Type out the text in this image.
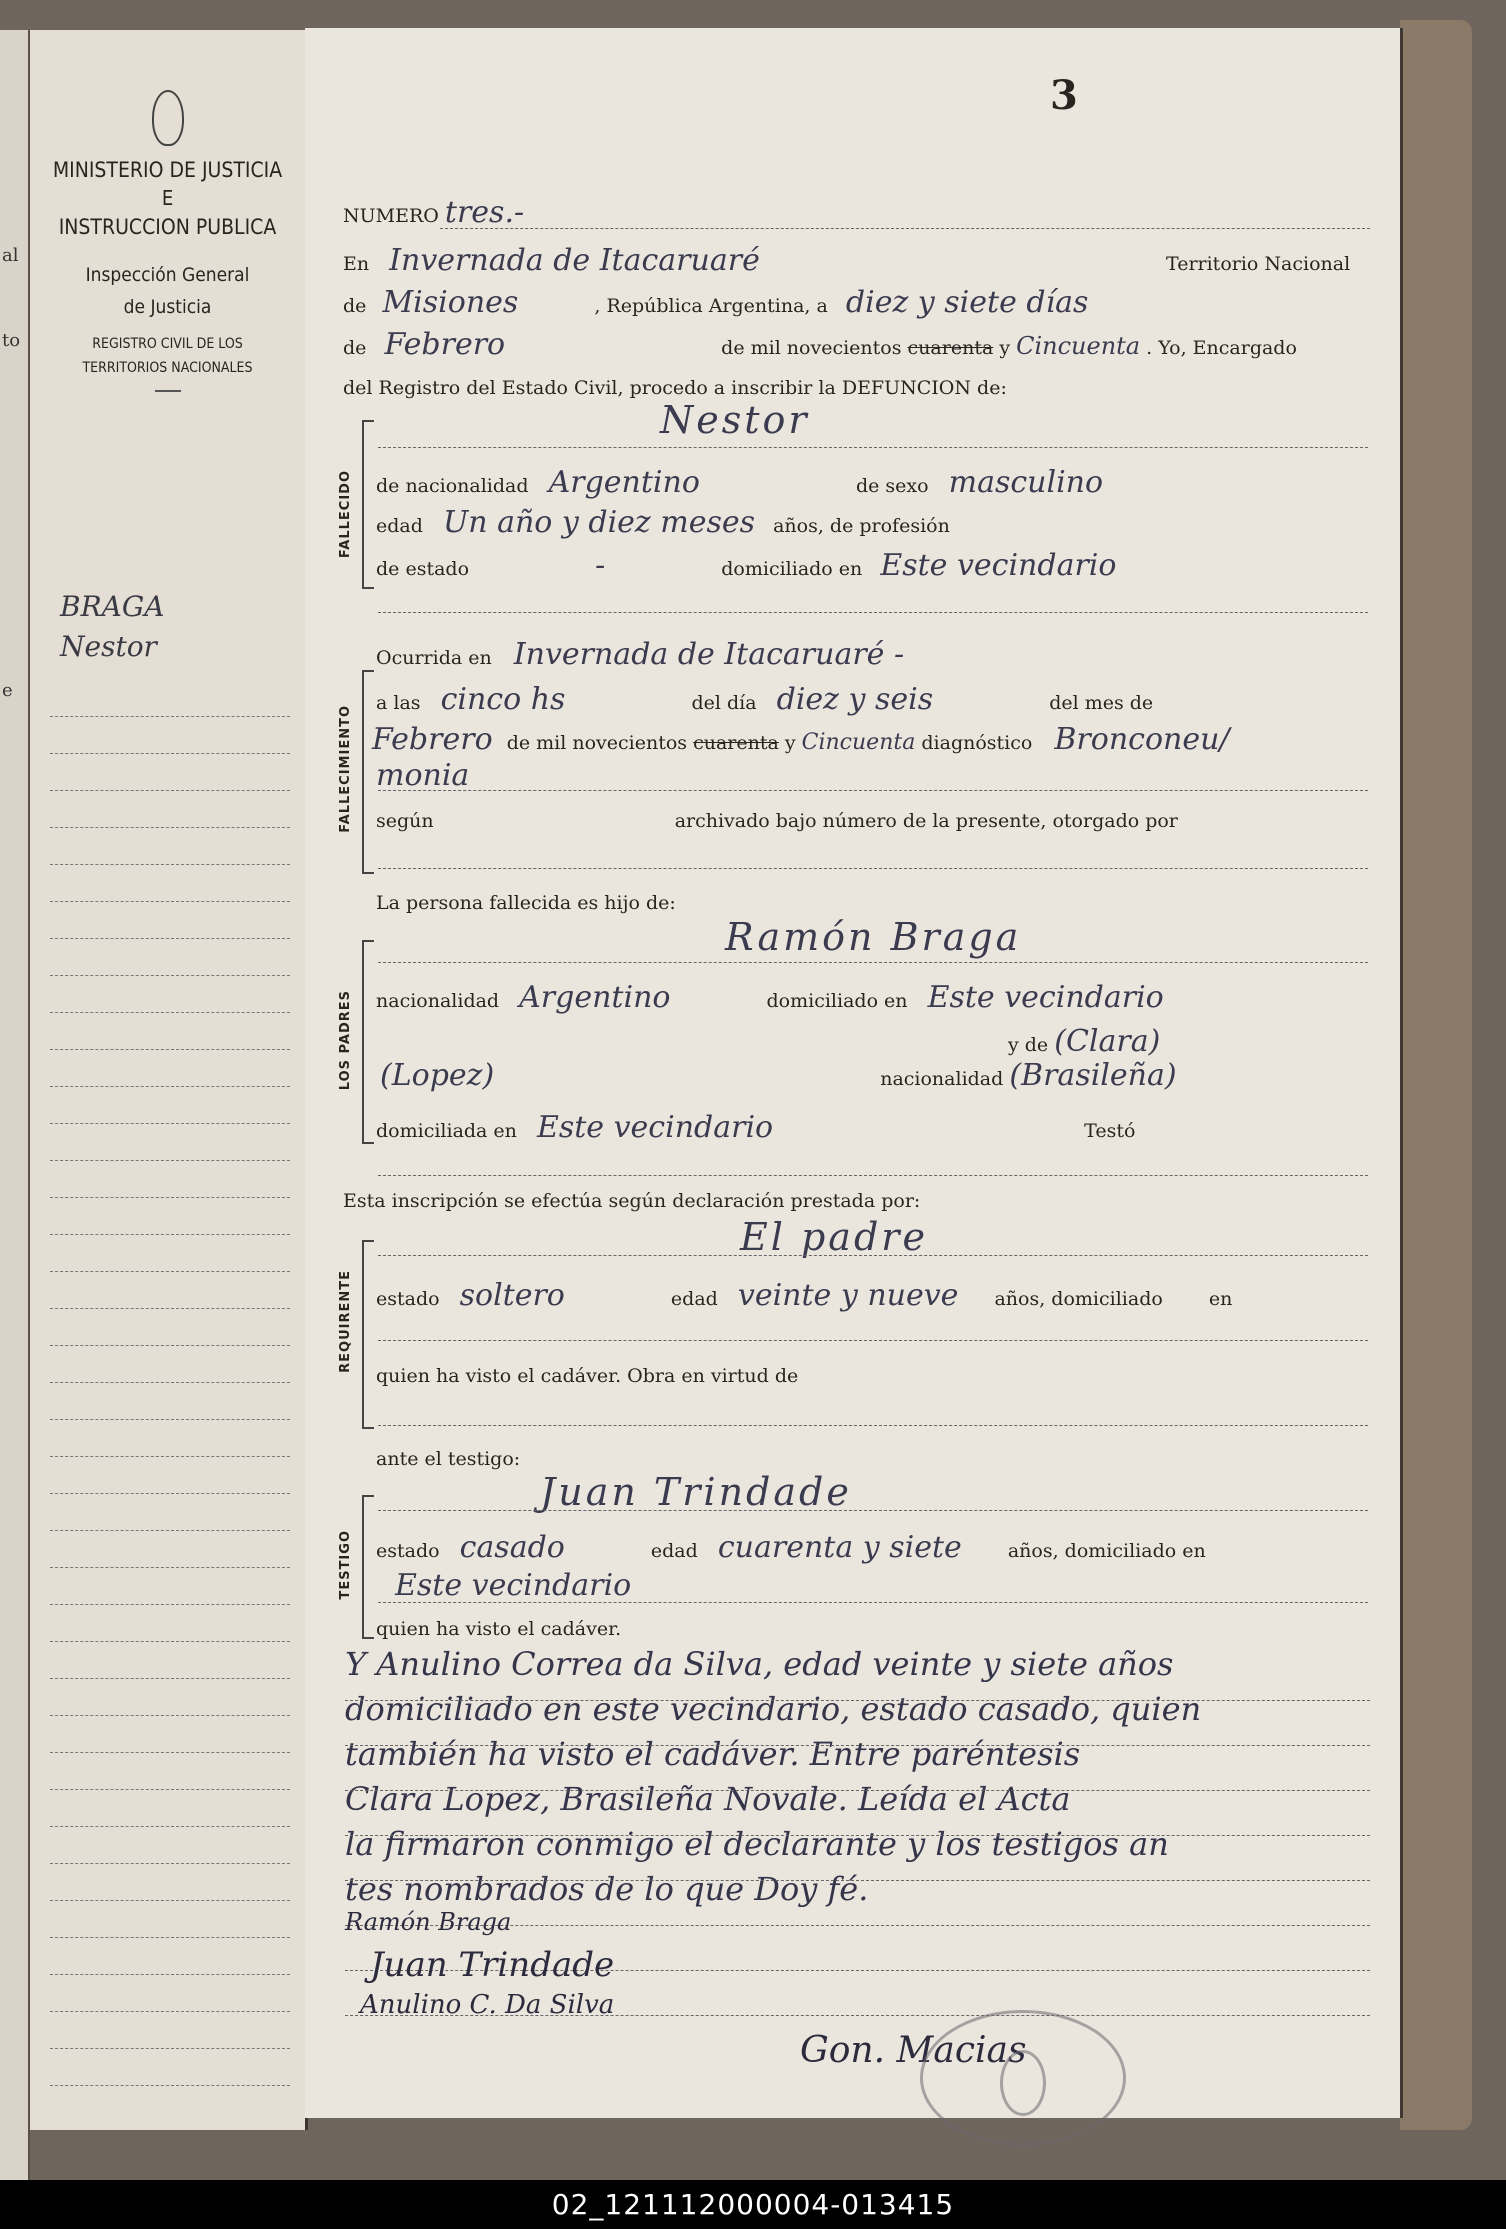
al
to
e
MINISTERIO DE JUSTICIA
E
INSTRUCCION PUBLICA
Inspección General
de Justicia
REGISTRO CIVIL DE LOS
TERRITORIOS NACIONALES
BRAGA
Nestor
3
NUMERO tres.-
En Invernada de Itacaruaré	Territorio Nacional
de Misiones	, República Argentina, a diez y siete días
de Febrero	de mil novecientos cuarenta y Cincuenta . Yo, Encargado
del Registro del Estado Civil, procedo a inscribir la DEFUNCION de:
FALLECIDO
Nestor
de nacionalidad Argentino	de sexo masculino
edad Un año y diez meses años, de profesión
de estado	-	domiciliado en Este vecindario
FALLECIMIENTO
Ocurrida en Invernada de Itacaruaré -
a las cinco hs	del día diez y seis	del mes de
Febrero de mil novecientos cuarenta y Cincuenta diagnóstico Bronconeu/
monia
según	archivado bajo número de la presente, otorgado por
La persona fallecida es hijo de:
LOS PADRES
Ramón Braga
nacionalidad Argentino	domiciliado en Este vecindario
y de (Clara)
(Lopez)	nacionalidad (Brasileña)
domiciliada en Este vecindario	Testó
Esta inscripción se efectúa según declaración prestada por:
REQUIRENTE
El padre
estado soltero	edad veinte y nueve años, domiciliado en
quien ha visto el cadáver. Obra en virtud de
ante el testigo:
TESTIGO
Juan Trindade
estado casado	edad cuarenta y siete años, domiciliado en
Este vecindario
quien ha visto el cadáver.
Y Anulino Correa da Silva, edad veinte y siete años
domiciliado en este vecindario, estado casado, quien
también ha visto el cadáver. Entre paréntesis
Clara Lopez, Brasileña Novale. Leída el Acta
la firmaron conmigo el declarante y los testigos an
tes nombrados de lo que Doy fé.
Ramón Braga
Juan Trindade
Anulino C. Da Silva
Gon. Macias
02_121112000004-013415
